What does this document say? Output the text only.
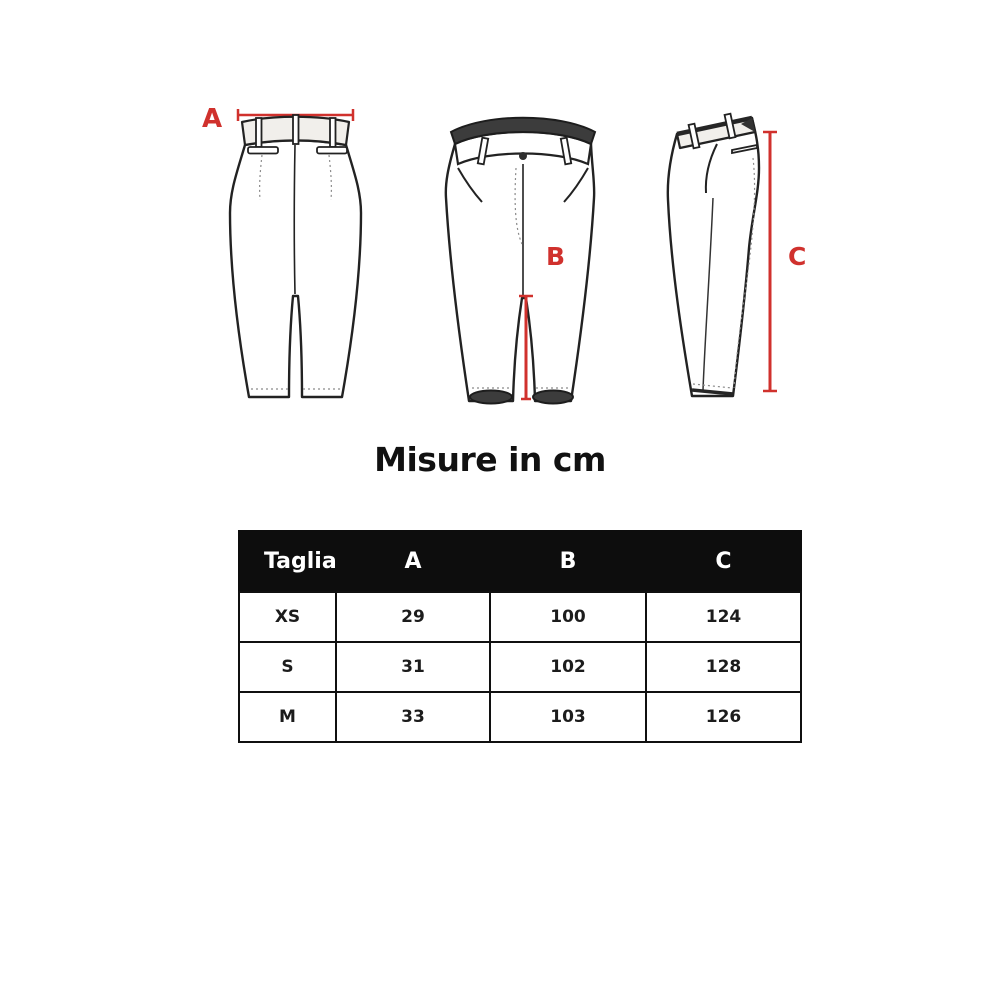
A
B	C
Misure in cm
Taglia	A	B	C
XS	29	100	124
S	31	102	128
M	33	103	126
